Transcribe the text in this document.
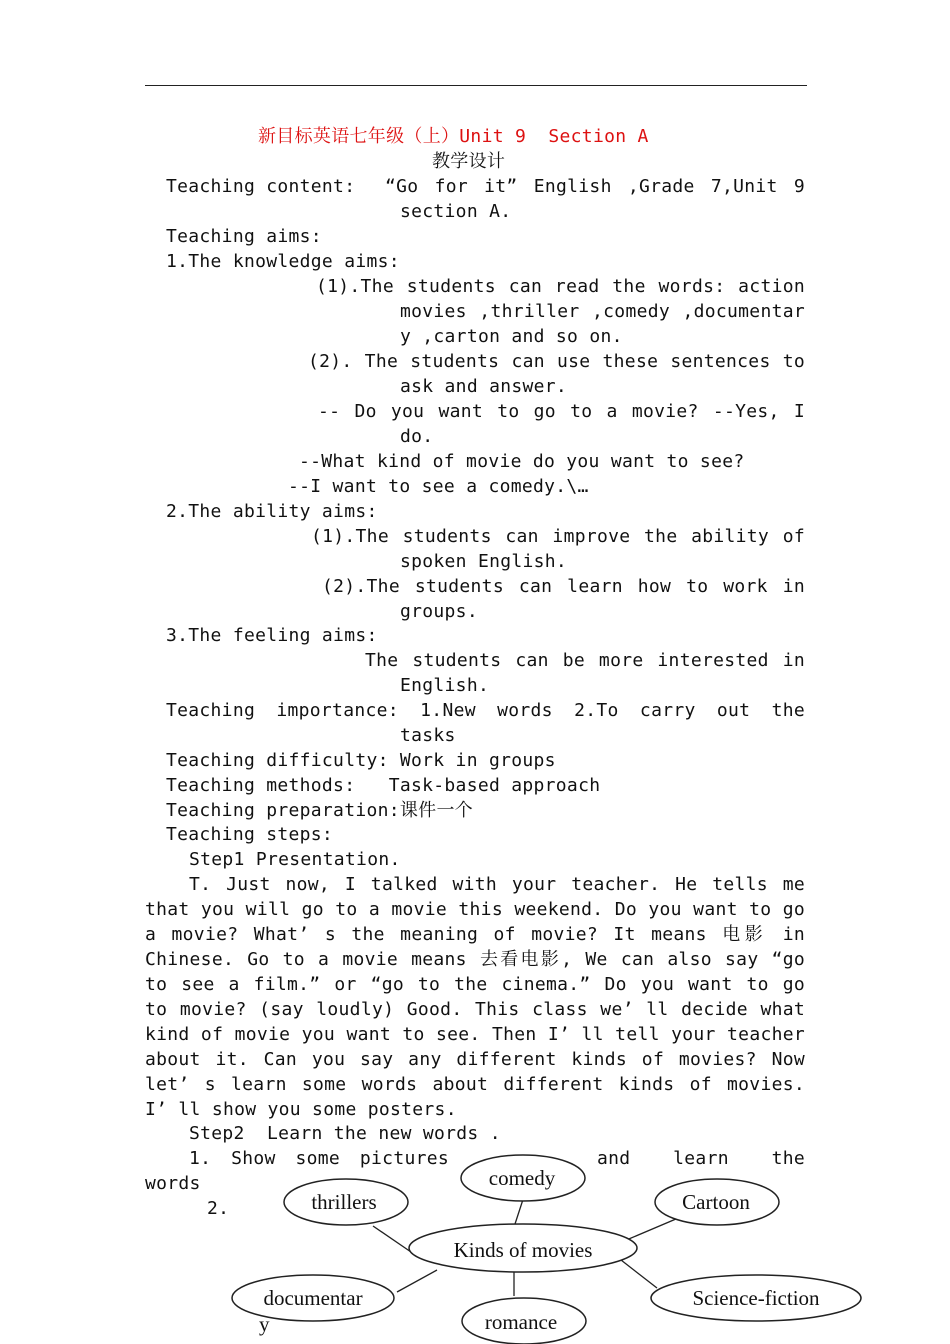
新目标英语七年级（上）Unit 9  Section A
教学设计
Teaching content: “Go for it” English ,Grade 7,Unit 9
section A.
Teaching aims:
1.The knowledge aims:
(1).The students can read the words: action
movies ,thriller ,comedy ,documentar
y ,carton and so on.
(2). The students can use these sentences to
ask and answer.
-- Do you want to go to a movie? --Yes, I
do.
--What kind of movie do you want to see?
--I want to see a comedy.\…
2.The ability aims:
(1).The students can improve the ability of
spoken English.
(2).The students can learn how to work in
groups.
3.The feeling aims:
The students can be more interested in
English.
Teaching importance: 1.New words 2.To carry out the
tasks
Teaching difficulty: Work in groups
Teaching methods:   Task-based approach
Teaching preparation:课件一个
Teaching steps:
Step1 Presentation.
T. Just now, I talked with your teacher. He tells me
that you will go to a movie this weekend. Do you want to go
a movie? What’ s the meaning of movie? It means 电影 in
Chinese. Go to a movie means 去看电影, We can also say “go
to see a film.” or “go to the cinema.” Do you want to go
to movie? (say loudly) Good. This class we’ ll decide what
kind of movie you want to see. Then I’ ll tell your teacher
about it. Can you say any different kinds of movies? Now
let’ s learn some words about different kinds of movies.
I’ ll show you some posters.
Step2  Learn the new words .
1. Show some pictures	and learn the
words
2.
comedy
thrillers	Cartoon
Kinds of movies
documentar
y	romance
Science-fiction
